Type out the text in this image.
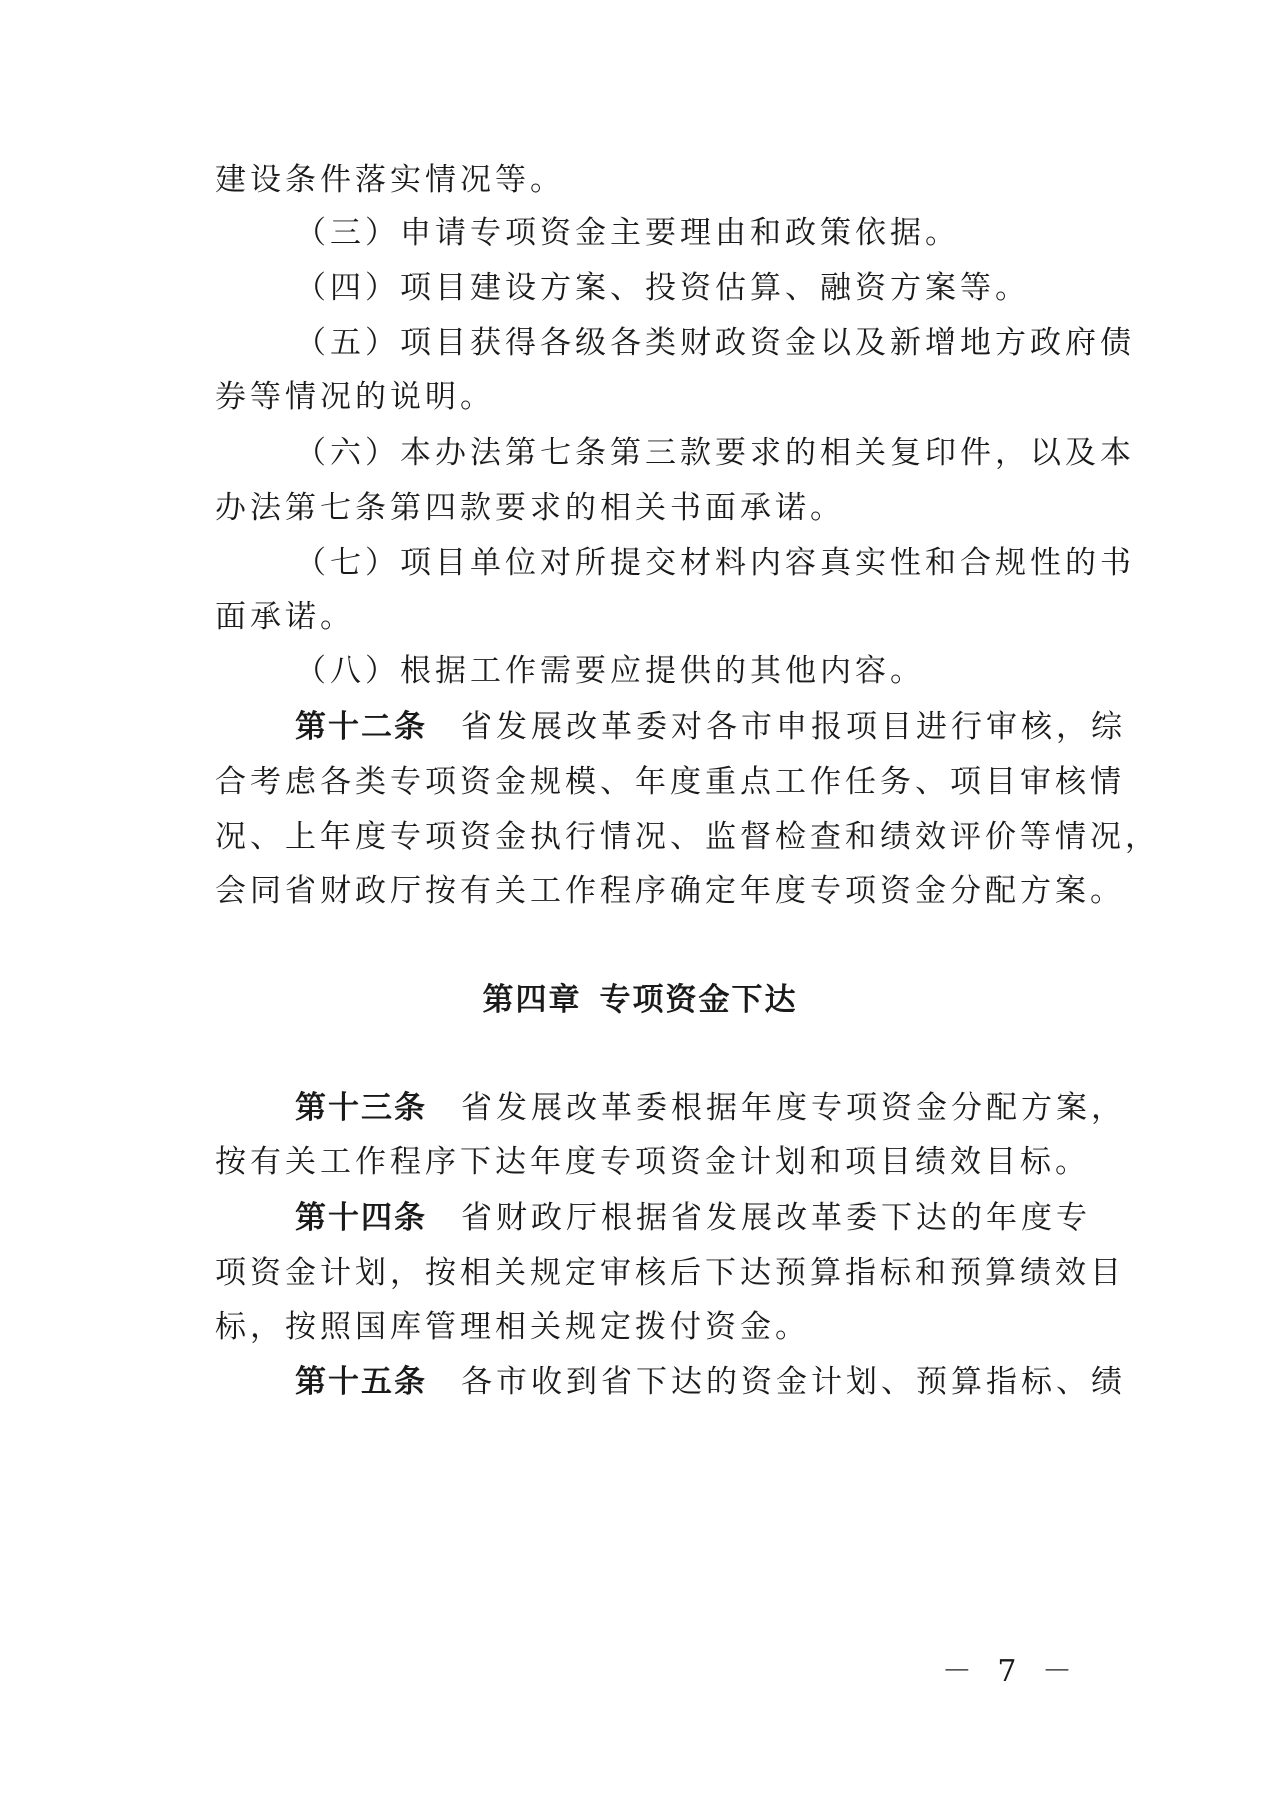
建设条件落实情况等。
（三）申请专项资金主要理由和政策依据。
（四）项目建设方案、投资估算、融资方案等。
（五）项目获得各级各类财政资金以及新增地方政府债
券等情况的说明。
（六）本办法第七条第三款要求的相关复印件，以及本
办法第七条第四款要求的相关书面承诺。
（七）项目单位对所提交材料内容真实性和合规性的书
面承诺。
（八）根据工作需要应提供的其他内容。
第十二条 省发展改革委对各市申报项目进行审核，综
合考虑各类专项资金规模、年度重点工作任务、项目审核情
况、上年度专项资金执行情况、监督检查和绩效评价等情况，
会同省财政厅按有关工作程序确定年度专项资金分配方案。
第四章 专项资金下达
第十三条 省发展改革委根据年度专项资金分配方案，
按有关工作程序下达年度专项资金计划和项目绩效目标。
第十四条 省财政厅根据省发展改革委下达的年度专
项资金计划，按相关规定审核后下达预算指标和预算绩效目
标，按照国库管理相关规定拨付资金。
第十五条 各市收到省下达的资金计划、预算指标、绩
－ 7 －
